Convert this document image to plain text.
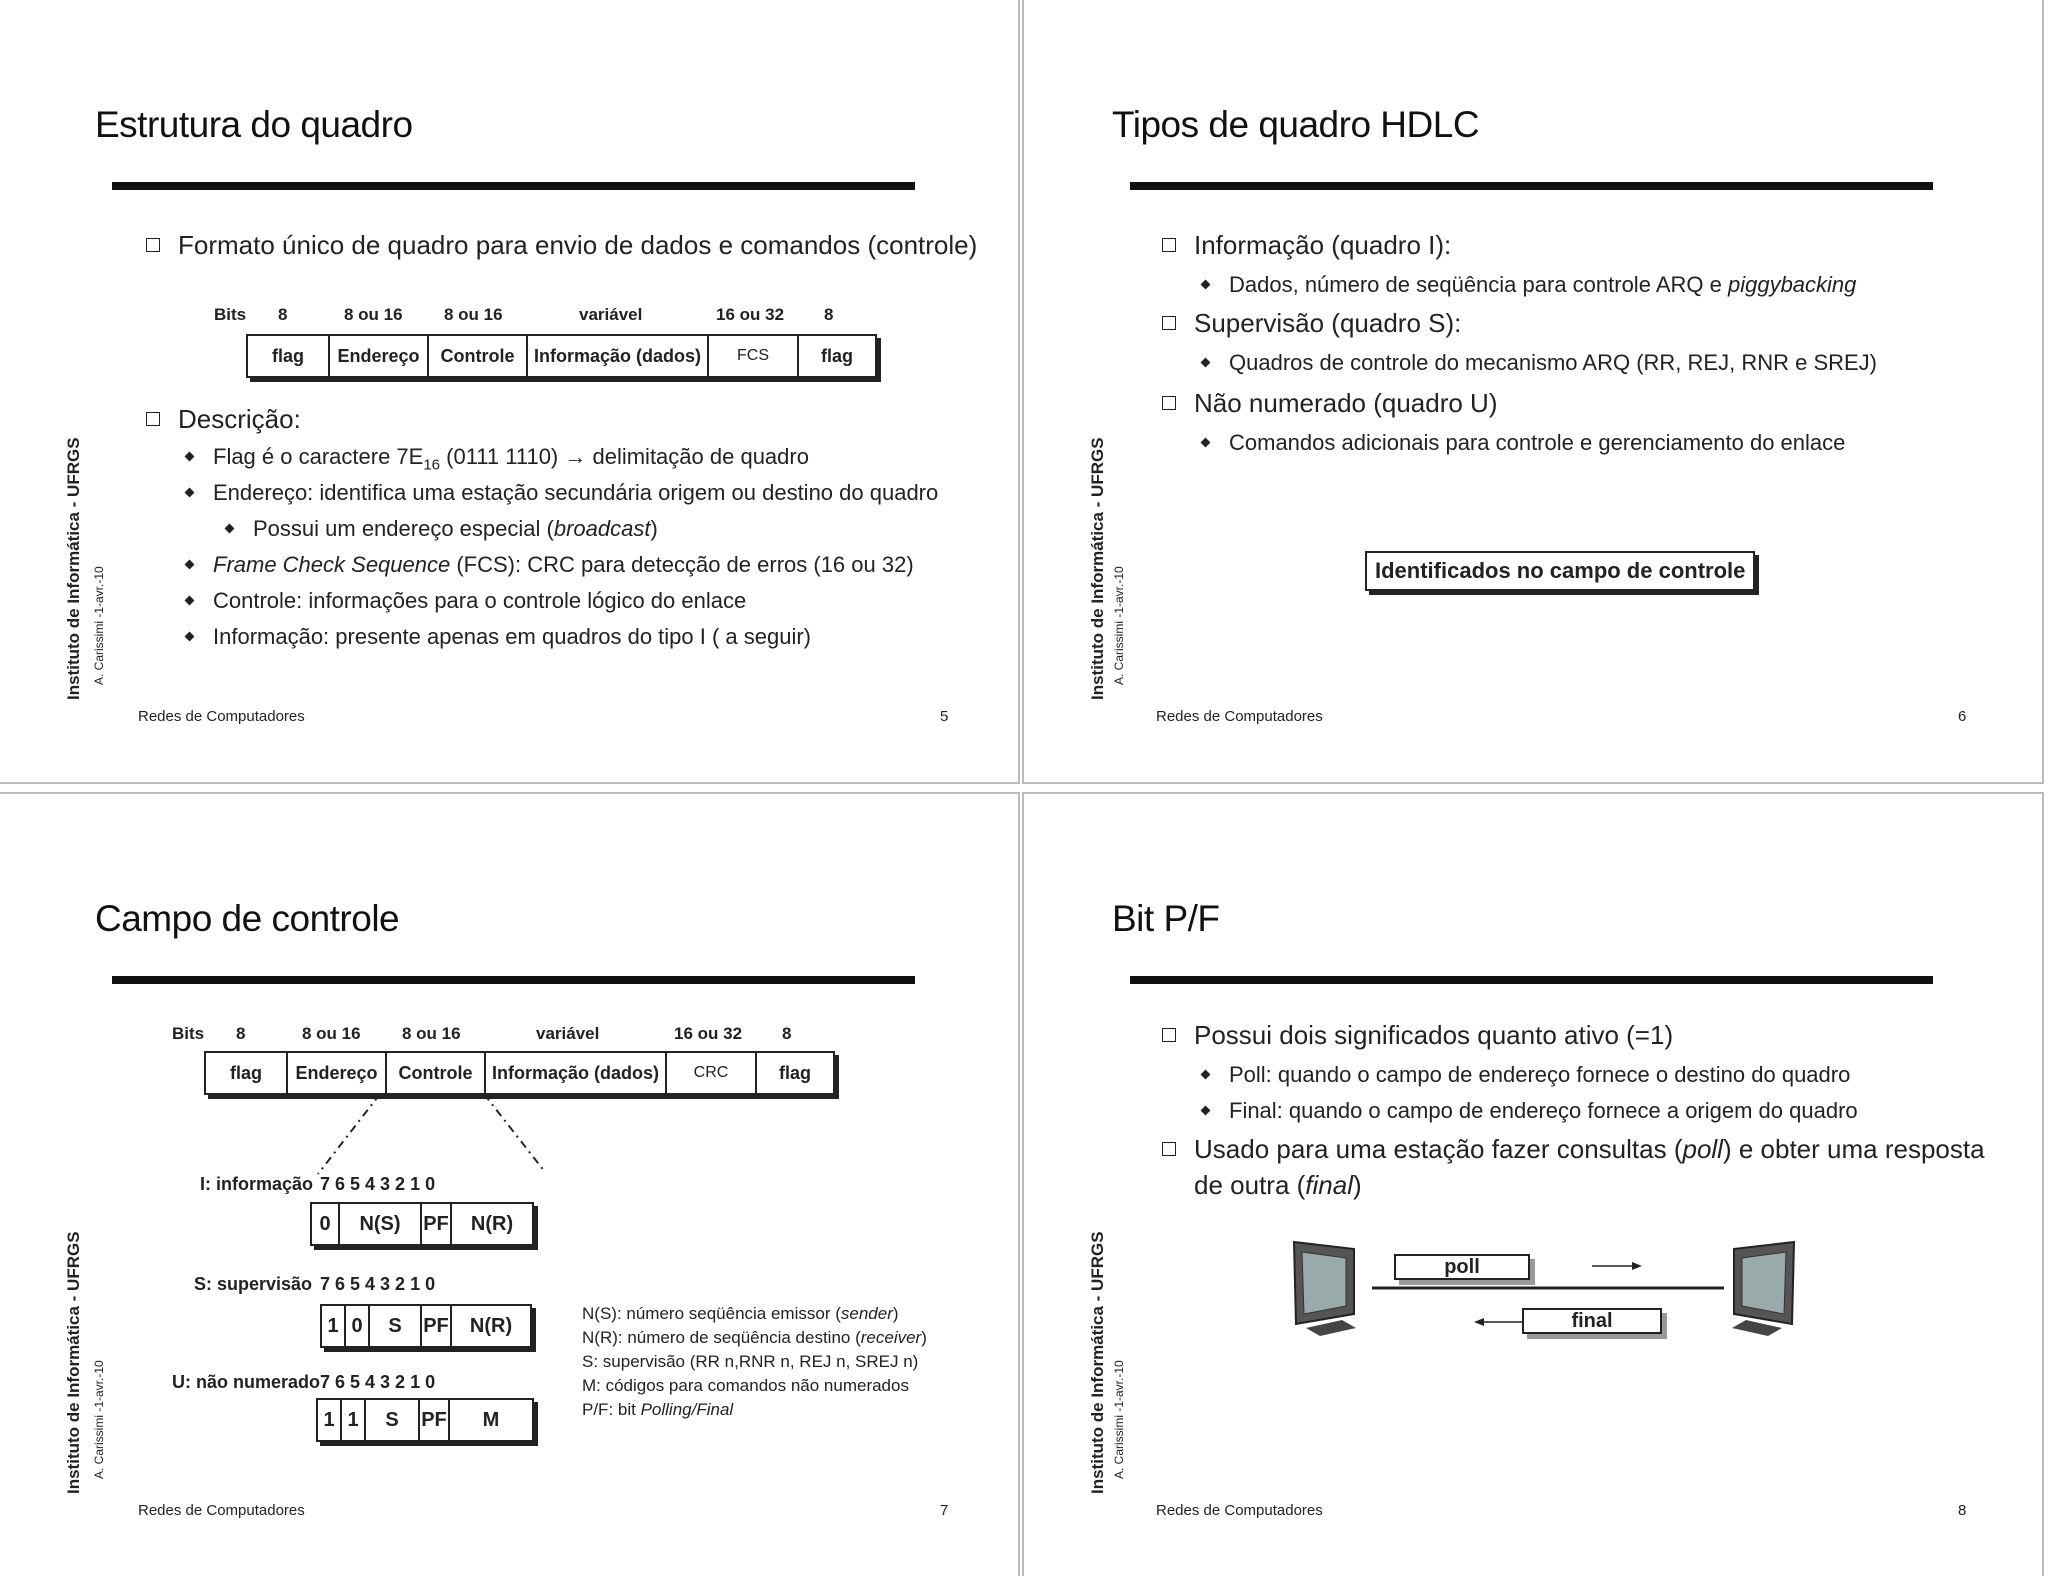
Estrutura do quadro
Instituto de Informática - UFRGS A. Carissimi -1-avr.-10
Formato único de quadro para envio de dados e comandos (controle)
Bits 8	8 ou 16 8 ou 16	variável	16 ou 32 8
flag	Endereço	Controle	Informação (dados)	FCS	flag
Descrição:
Flag é o caractere $7E_{16}$ (0111 1110) → delimitação de quadro
Endereço: identifica uma estação secundária origem ou destino do quadro
Possui um endereço especial (broadcast)
Frame Check Sequence (FCS): CRC para detecção de erros (16 ou 32)
Controle: informações para o controle lógico do enlace
Informação: presente apenas em quadros do tipo I ( a seguir)
Redes de Computadores	5
Tipos de quadro HDLC
Instituto de Informática - UFRGS A. Carissimi -1-avr.-10
Informação (quadro I):
Dados, número de seqüência para controle ARQ e piggybacking
Supervisão (quadro S):
Quadros de controle do mecanismo ARQ (RR, REJ, RNR e SREJ)
Não numerado (quadro U)
Comandos adicionais para controle e gerenciamento do enlace
Identificados no campo de controle
Redes de Computadores	6
Campo de controle
Instituto de Informática - UFRGS A. Carissimi -1-avr.-10
Bits 8	8 ou 16 8 ou 16	variável	16 ou 32 8
flag	Endereço	Controle	Informação (dados)	CRC	flag
I: informação 7 6 5 4 3 2 1 0
0	N(S)	PF	N(R)
S: supervisão 7 6 5 4 3 2 1 0
1 0	S	PF	N(R)
U: não numerado 7 6 5 4 3 2 1 0
1 1	S	PF	M
N(S): número seqüência emissor (sender)
N(R): número de seqüência destino (receiver)
S: supervisão (RR n,RNR n, REJ n, SREJ n)
M: códigos para comandos não numerados
P/F: bit Polling/Final
Redes de Computadores	7
Bit P/F
Instituto de Informática - UFRGS A. Carissimi -1-avr.-10
Possui dois significados quanto ativo (=1)
Poll: quando o campo de endereço fornece o destino do quadro
Final: quando o campo de endereço fornece a origem do quadro
Usado para uma estação fazer consultas (poll) e obter uma resposta
de outra (final)
poll
final
Redes de Computadores	8
